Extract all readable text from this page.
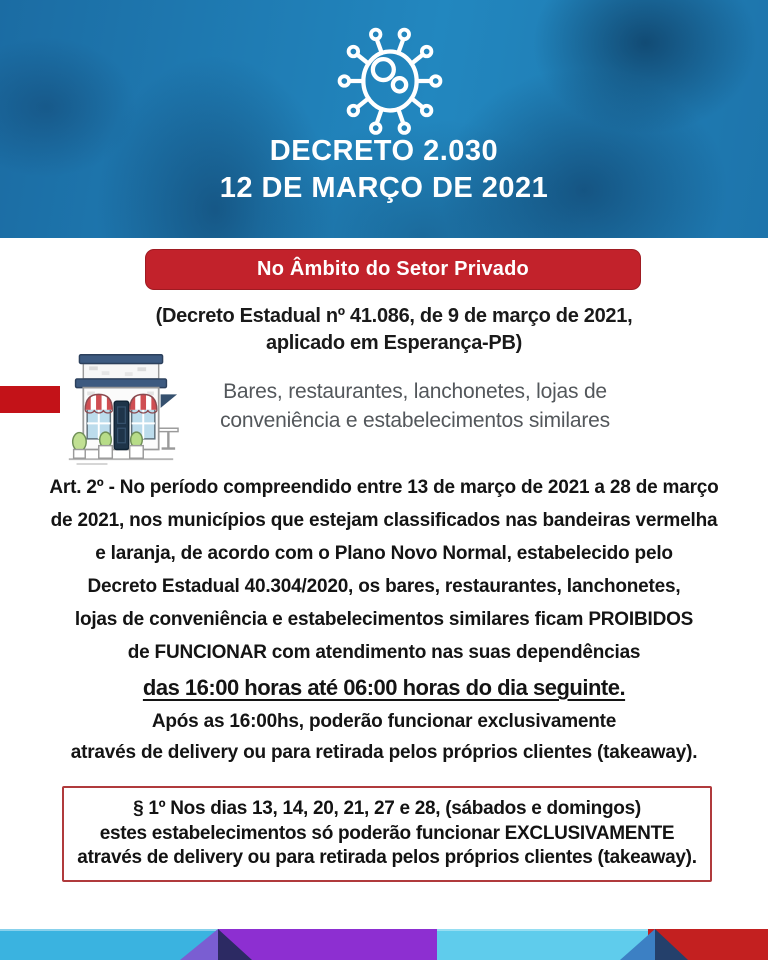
DECRETO 2.030
12 DE MARÇO DE 2021
No Âmbito do Setor Privado
(Decreto Estadual nº 41.086, de 9 de março de 2021,
aplicado em Esperança-PB)
Bares, restaurantes, lanchonetes, lojas de
conveniência e estabelecimentos similares
Art. 2º - No período compreendido entre 13 de março de 2021 a 28 de março
de 2021, nos municípios que estejam classificados nas bandeiras vermelha
e laranja, de acordo com o Plano Novo Normal, estabelecido pelo
Decreto Estadual 40.304/2020, os bares, restaurantes, lanchonetes,
lojas de conveniência e estabelecimentos similares ficam PROIBIDOS
de FUNCIONAR com atendimento nas suas dependências
das 16:00 horas até 06:00 horas do dia seguinte.
Após as 16:00hs, poderão funcionar exclusivamente
através de delivery ou para retirada pelos próprios clientes (takeaway).
§ 1º Nos dias 13, 14, 20, 21, 27 e 28, (sábados e domingos)
estes estabelecimentos só poderão funcionar EXCLUSIVAMENTE
através de delivery ou para retirada pelos próprios clientes (takeaway).
